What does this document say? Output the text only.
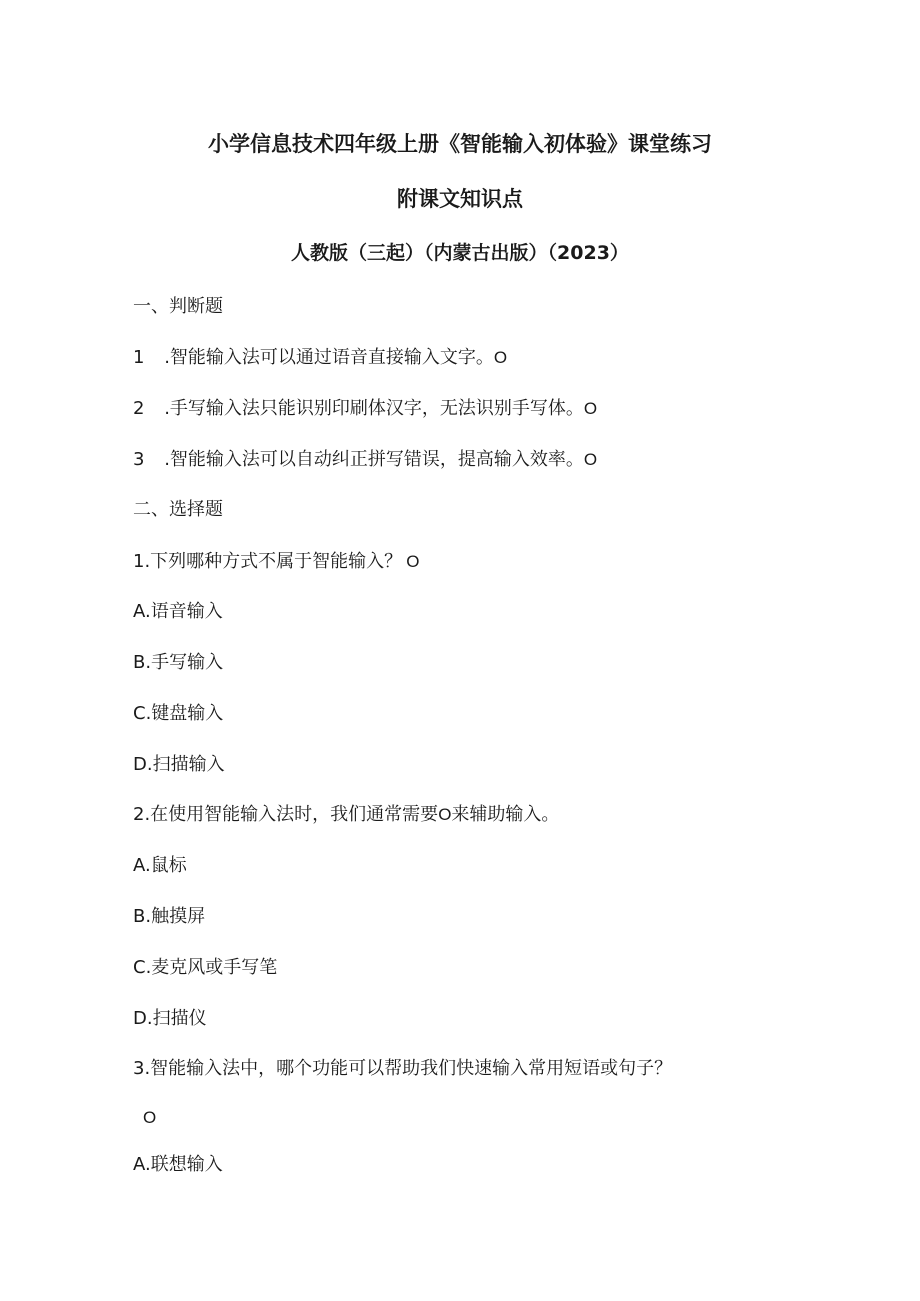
小学信息技术四年级上册《智能输入初体验》课堂练习
附课文知识点
人教版（三起）（内蒙古出版）（2023）
一、判断题
1 .智能输入法可以通过语音直接输入文字。O
2 .手写输入法只能识别印刷体汉字，无法识别手写体。O
3 .智能输入法可以自动纠正拼写错误，提高输入效率。O
二、选择题
1.下列哪种方式不属于智能输入？ O
A.语音输入
B.手写输入
C.键盘输入
D.扫描输入
2.在使用智能输入法时，我们通常需要O来辅助输入。
A.鼠标
B.触摸屏
C.麦克风或手写笔
D.扫描仪
3.智能输入法中，哪个功能可以帮助我们快速输入常用短语或句子？
O
A.联想输入
